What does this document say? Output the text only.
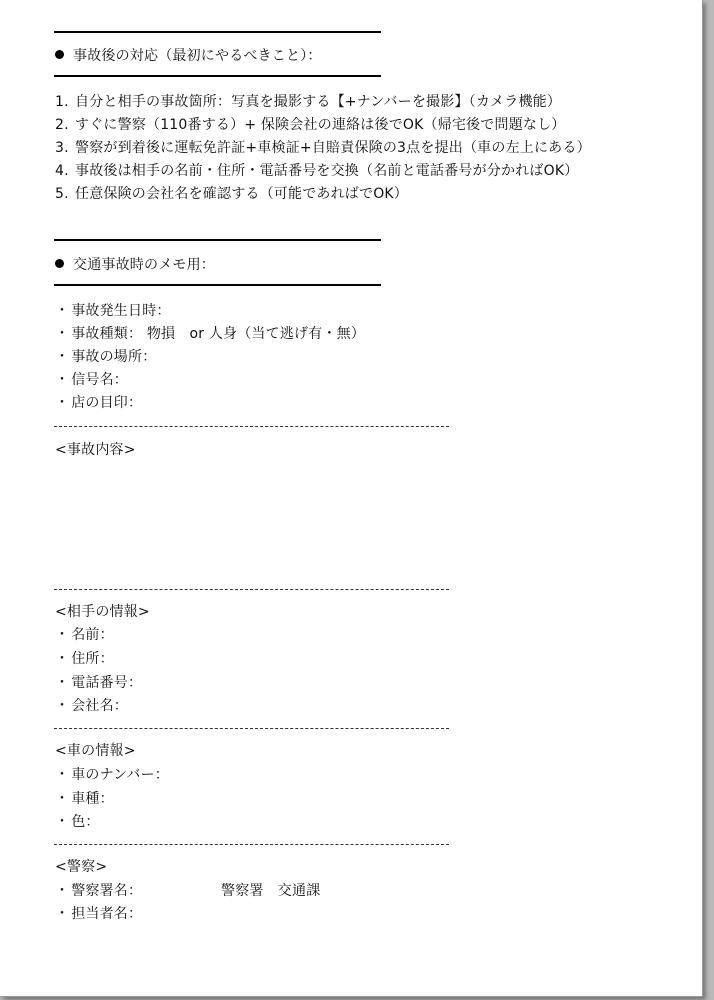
事故後の対応（最初にやるべきこと）：
1. 自分と相手の事故箇所：写真を撮影する【+ナンバーを撮影】（カメラ機能）
2. すぐに警察（110番する）+ 保険会社の連絡は後でOK（帰宅後で問題なし）
3. 警察が到着後に運転免許証+車検証+自賠責保険の3点を提出（車の左上にある）
4. 事故後は相手の名前・住所・電話番号を交換（名前と電話番号が分かればOK）
5. 任意保険の会社名を確認する（可能であればでOK）
交通事故時のメモ用：
・ 事故発生日時：
・ 事故種類： 物損　or 人身（当て逃げ有・無）
・ 事故の場所：
・ 信号名：
・ 店の目印：
<事故内容>
<相手の情報>
・ 名前：
・ 住所：
・ 電話番号：
・ 会社名：
<車の情報>
・ 車のナンバー：
・ 車種：
・ 色：
<警察>
・ 警察署名：	警察署　交通課
・ 担当者名：
